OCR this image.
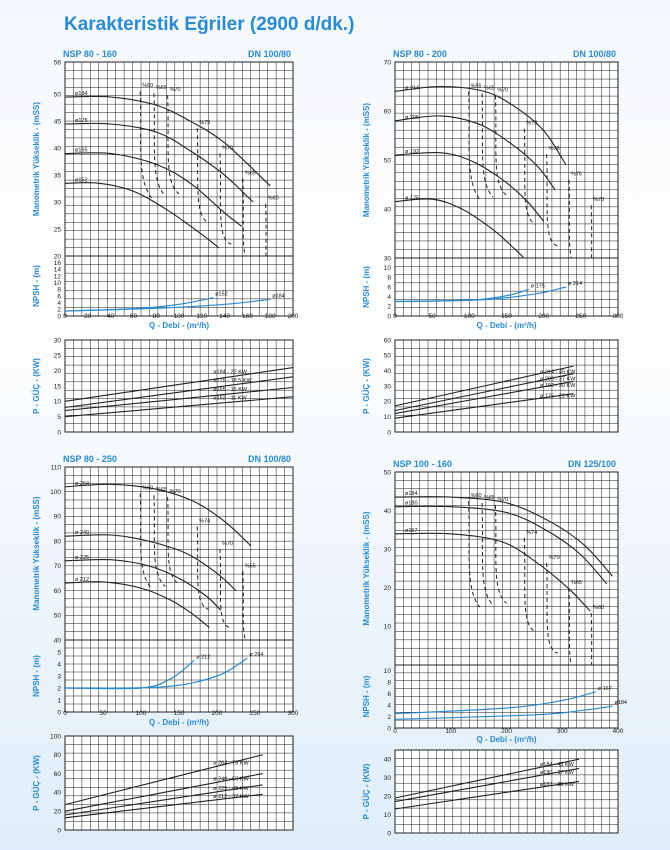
Karakteristik Eğriler (2900 d/dk.)
NSP 80 - 160	DN 100/80
20
25
30
35
40
45
50
56
ø184
ø175
ø165
ø152
%60 %65 %70
%75
%70
%65
%60
0
2
4
6
8
10
12
14
16
ø152	ø184
0	20 40 60 80 100 120 140 160 180 200
Q - Debi - (m³/h)
0
5
10
15
20
25
30
ø184 - 22 KW
ø175 - 18.5 KW
ø165 - 15 KW
ø152 - 11 KW
Manometrik Yükseklik - (mSS)
NPSH - (m)
P - GÜÇ - (KW)
NSP 80 - 200	DN 100/80
30
40
50
60
70
ø 214
ø 205
ø 192
ø 175
%55 %65 %70
%75
%76
%75
%70
0
2
4
6
8
10
ø 175	ø 214
0	50	100	150	200	250	300
Q - Debi - (m³/h)
0
10
20
30
40
50
60
ø 214 - 45 KW
ø 205 - 37 KW
ø 192 - 30 KW
ø 175 - 22 KW
Manometrik Yükseklik - (mSS)
NPSH - (m)
P - GÜÇ - (KW)
NSP 80 - 250	DN 100/80
40
50
60
70
80
90
100
110
ø 264
ø 240
ø 225
ø 212
%60 %65 %70
%74
%70
%65
0
1
2
3
4
5
ø 212	ø 264
0	50	100	150	200	250	300
Q - Debi - (m³/h)
0
20
40
60
80
100
ø 264 - 75 KW
ø 240 - 55 KW
ø 225 - 45 KW
ø 212 - 37 KW
Manometrik Yükseklik - (mSS)
NPSH - (m)
P - GÜÇ - (KW)
NSP 100 - 160	DN 125/100
10
20
30
40
50
ø184
ø180
ø167
%60 %65 %70
%74
%70
%65
%60
0
2
4
6
8
10
ø 167
ø184
0	100	200	300	400
Q - Debi - (m³/h)
0
10
20
30
40
ø184 - 45 KW
ø180 - 37 KW
ø167 - 30 KW
Manometrik Yükseklik - (mSS)
NPSH - (m)
P - GÜÇ - (KW)
